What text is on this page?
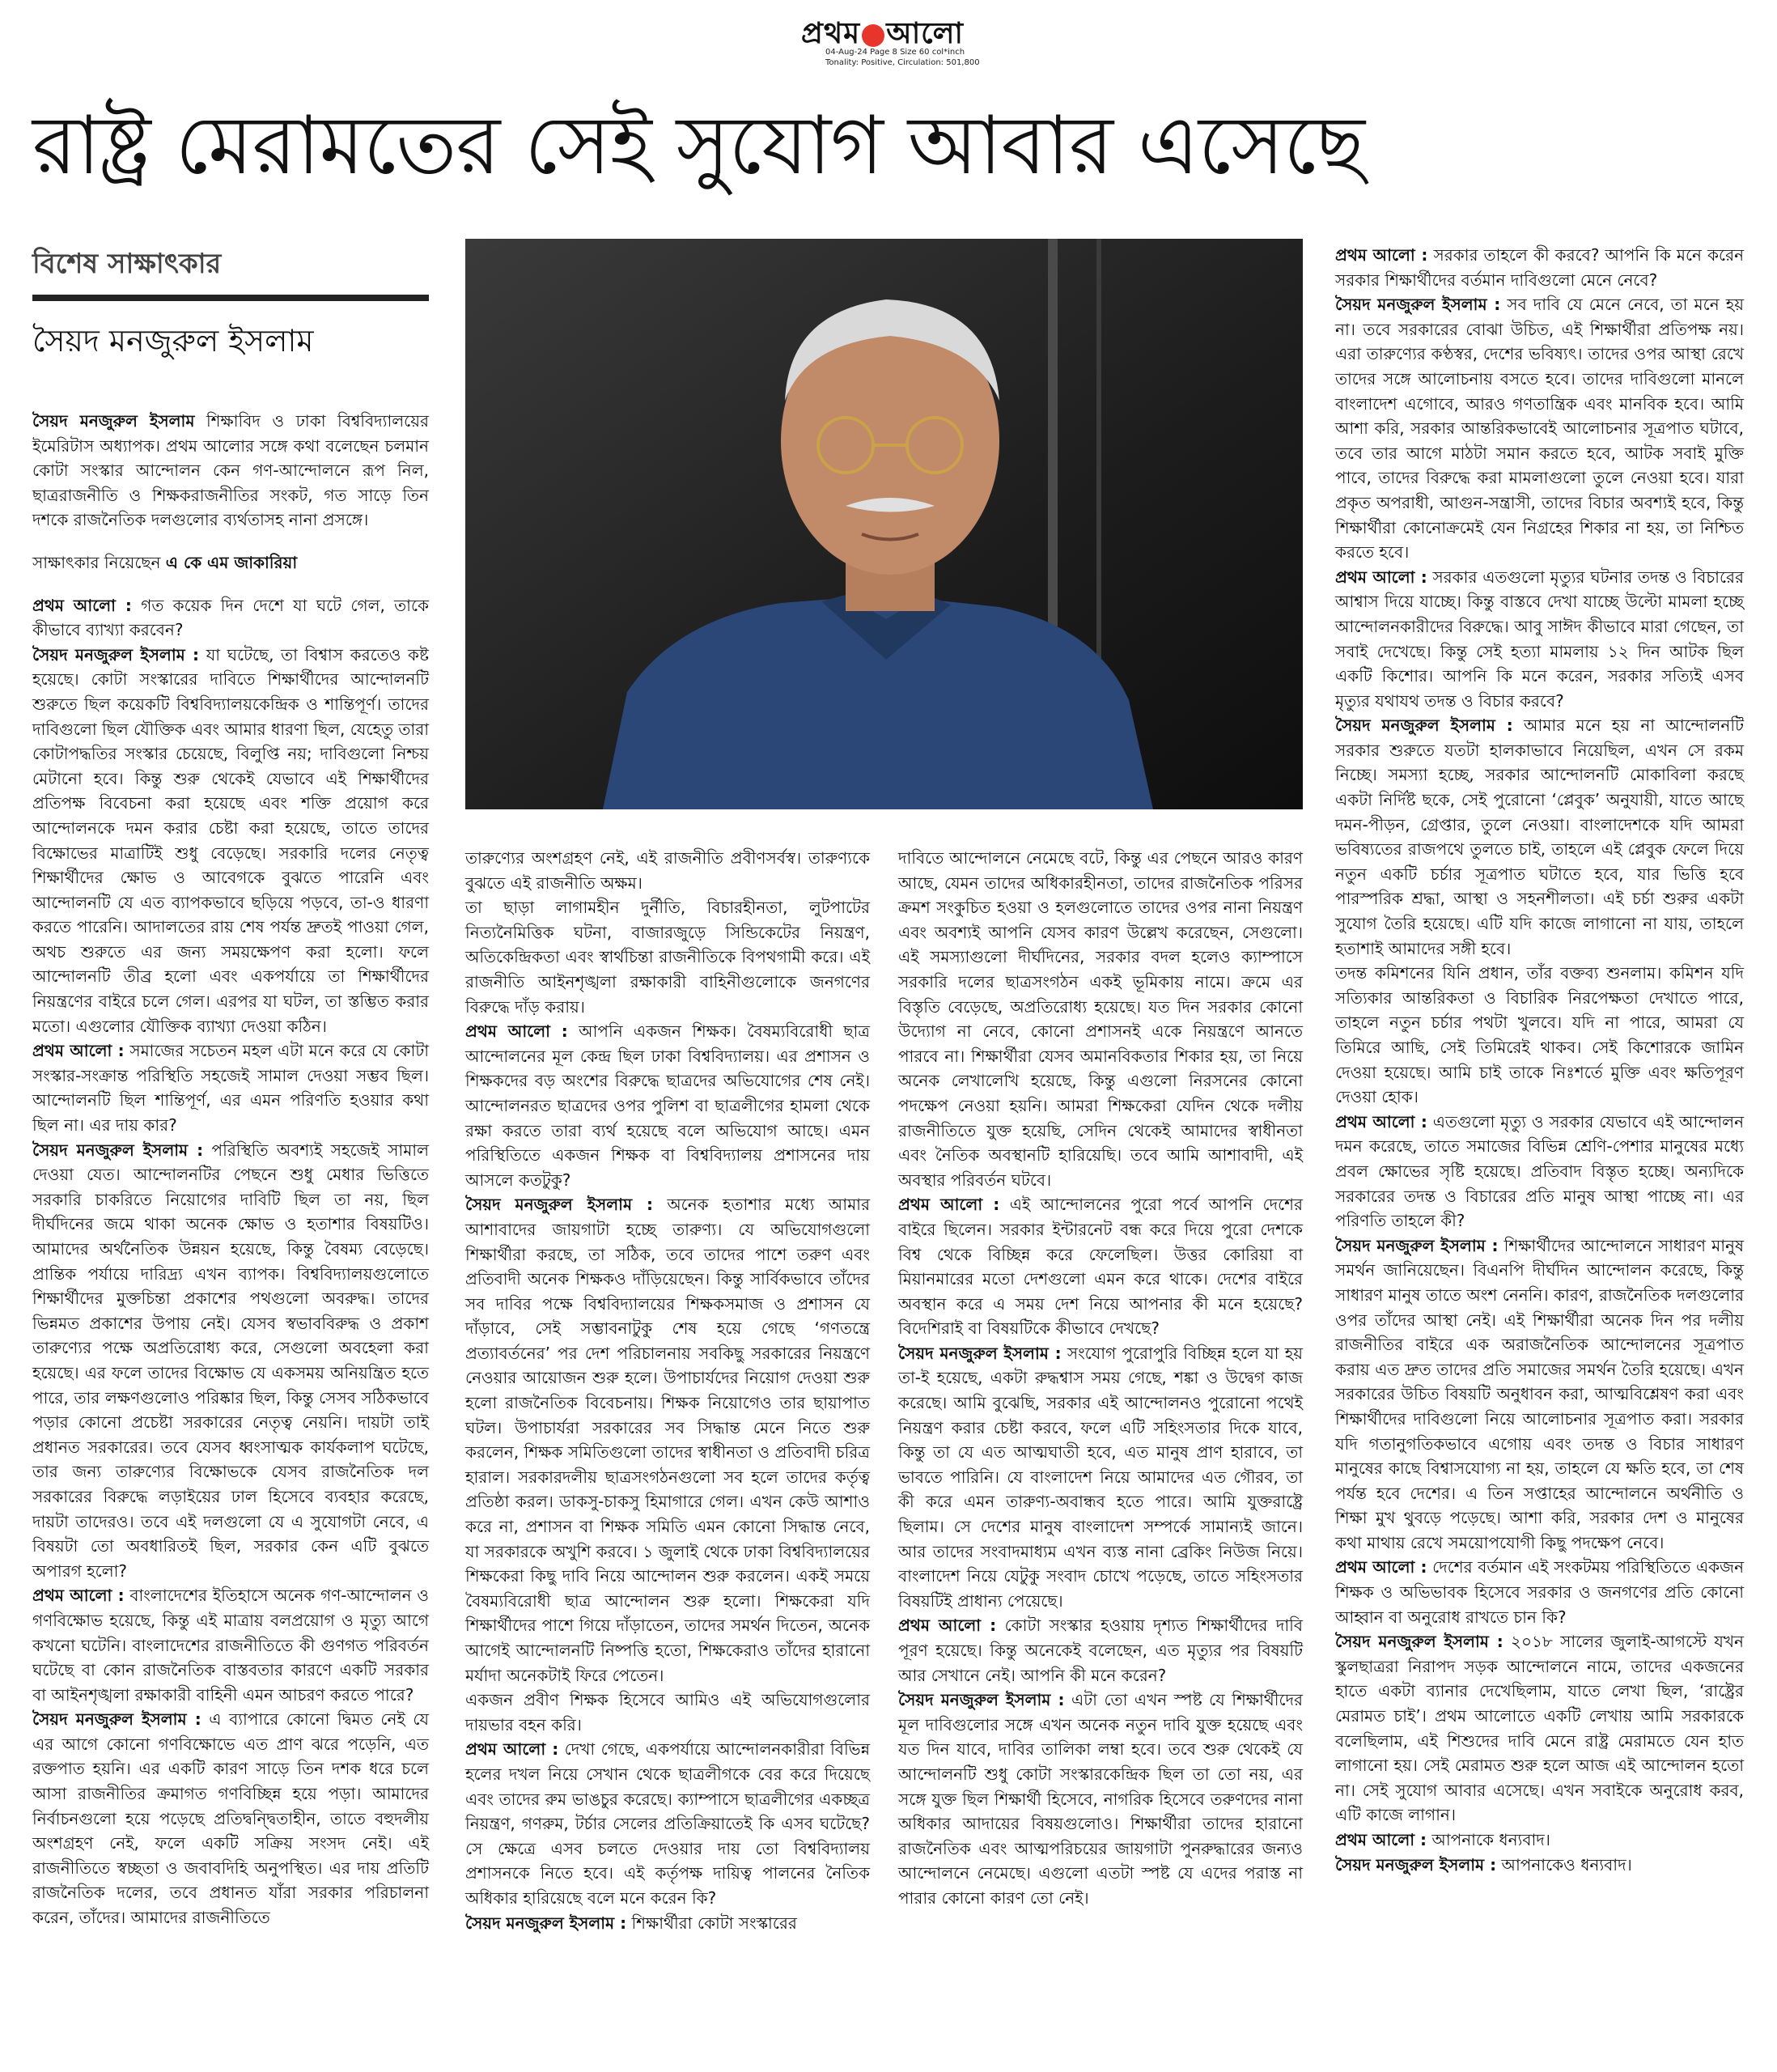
প্রথম আলো
04-Aug-24 Page 8 Size 60 col*inch
Tonality: Positive, Circulation: 501,800
রাষ্ট্র মেরামতের সেই সুযোগ আবার এসেছে
বিশেষ সাক্ষাৎকার
সৈয়দ মনজুরুল ইসলাম

সৈয়দ মনজুরুল ইসলাম শিক্ষাবিদ ও ঢাকা বিশ্ববিদ্যালয়ের ইমেরিটাস অধ্যাপক। প্রথম আলোর সঙ্গে কথা বলেছেন চলমান কোটা সংস্কার আন্দোলন কেন গণ-আন্দোলনে রূপ নিল, ছাত্ররাজনীতি ও শিক্ষকরাজনীতির সংকট, গত সাড়ে তিন দশকে রাজনৈতিক দলগুলোর ব্যর্থতাসহ নানা প্রসঙ্গে।

সাক্ষাৎকার নিয়েছেন এ কে এম জাকারিয়া

প্রথম আলো : গত কয়েক দিন দেশে যা ঘটে গেল, তাকে কীভাবে ব্যাখ্যা করবেন?

সৈয়দ মনজুরুল ইসলাম : যা ঘটেছে, তা বিশ্বাস করতেও কষ্ট হয়েছে। কোটা সংস্কারের দাবিতে শিক্ষার্থীদের আন্দোলনটি শুরুতে ছিল কয়েকটি বিশ্ববিদ্যালয়কেন্দ্রিক ও শান্তিপূর্ণ। তাদের দাবিগুলো ছিল যৌক্তিক এবং আমার ধারণা ছিল, যেহেতু তারা কোটাপদ্ধতির সংস্কার চেয়েছে, বিলুপ্তি নয়; দাবিগুলো নিশ্চয় মেটানো হবে। কিন্তু শুরু থেকেই যেভাবে এই শিক্ষার্থীদের প্রতিপক্ষ বিবেচনা করা হয়েছে এবং শক্তি প্রয়োগ করে আন্দোলনকে দমন করার চেষ্টা করা হয়েছে, তাতে তাদের বিক্ষোভের মাত্রাটিই শুধু বেড়েছে। সরকারি দলের নেতৃত্ব শিক্ষার্থীদের ক্ষোভ ও আবেগকে বুঝতে পারেনি এবং আন্দোলনটি যে এত ব্যাপকভাবে ছড়িয়ে পড়বে, তা-ও ধারণা করতে পারেনি। আদালতের রায় শেষ পর্যন্ত দ্রুতই পাওয়া গেল, অথচ শুরুতে এর জন্য সময়ক্ষেপণ করা হলো। ফলে আন্দোলনটি তীব্র হলো এবং একপর্যায়ে তা শিক্ষার্থীদের নিয়ন্ত্রণের বাইরে চলে গেল। এরপর যা ঘটল, তা স্তম্ভিত করার মতো। এগুলোর যৌক্তিক ব্যাখ্যা দেওয়া কঠিন।

প্রথম আলো : সমাজের সচেতন মহল এটা মনে করে যে কোটা সংস্কার-সংক্রান্ত পরিস্থিতি সহজেই সামাল দেওয়া সম্ভব ছিল। আন্দোলনটি ছিল শান্তিপূর্ণ, এর এমন পরিণতি হওয়ার কথা ছিল না। এর দায় কার?

সৈয়দ মনজুরুল ইসলাম : পরিস্থিতি অবশ্যই সহজেই সামাল দেওয়া যেত। আন্দোলনটির পেছনে শুধু মেধার ভিত্তিতে সরকারি চাকরিতে নিয়োগের দাবিটি ছিল তা নয়, ছিল দীর্ঘদিনের জমে থাকা অনেক ক্ষোভ ও হতাশার বিষয়টিও। আমাদের অর্থনৈতিক উন্নয়ন হয়েছে, কিন্তু বৈষম্য বেড়েছে। প্রান্তিক পর্যায়ে দারিদ্র্য এখন ব্যাপক। বিশ্ববিদ্যালয়গুলোতে শিক্ষার্থীদের মুক্তচিন্তা প্রকাশের পথগুলো অবরুদ্ধ। তাদের ভিন্নমত প্রকাশের উপায় নেই। যেসব স্বভাববিরুদ্ধ ও প্রকাশ তারুণ্যের পক্ষে অপ্রতিরোধ্য করে, সেগুলো অবহেলা করা হয়েছে। এর ফলে তাদের বিক্ষোভ যে একসময় অনিয়ন্ত্রিত হতে পারে, তার লক্ষণগুলোও পরিষ্কার ছিল, কিন্তু সেসব সঠিকভাবে পড়ার কোনো প্রচেষ্টা সরকারের নেতৃত্ব নেয়নি। দায়টা তাই প্রধানত সরকারের। তবে যেসব ধ্বংসাত্মক কার্যকলাপ ঘটেছে, তার জন্য তারুণ্যের বিক্ষোভকে যেসব রাজনৈতিক দল সরকারের বিরুদ্ধে লড়াইয়ের ঢাল হিসেবে ব্যবহার করেছে, দায়টা তাদেরও। তবে এই দলগুলো যে এ সুযোগটা নেবে, এ বিষয়টা তো অবধারিতই ছিল, সরকার কেন এটি বুঝতে অপারগ হলো?

প্রথম আলো : বাংলাদেশের ইতিহাসে অনেক গণ-আন্দোলন ও গণবিক্ষোভ হয়েছে, কিন্তু এই মাত্রায় বলপ্রয়োগ ও মৃত্যু আগে কখনো ঘটেনি। বাংলাদেশের রাজনীতিতে কী গুণগত পরিবর্তন ঘটেছে বা কোন রাজনৈতিক বাস্তবতার কারণে একটি সরকার বা আইনশৃঙ্খলা রক্ষাকারী বাহিনী এমন আচরণ করতে পারে?

সৈয়দ মনজুরুল ইসলাম : এ ব্যাপারে কোনো দ্বিমত নেই যে এর আগে কোনো গণবিক্ষোভে এত প্রাণ ঝরে পড়েনি, এত রক্তপাত হয়নি। এর একটি কারণ সাড়ে তিন দশক ধরে চলে আসা রাজনীতির ক্রমাগত গণবিচ্ছিন্ন হয়ে পড়া। আমাদের নির্বাচনগুলো হয়ে পড়েছে প্রতিদ্বন্দ্বিতাহীন, তাতে বহুদলীয় অংশগ্রহণ নেই, ফলে একটি সক্রিয় সংসদ নেই। এই রাজনীতিতে স্বচ্ছতা ও জবাবদিহি অনুপস্থিত। এর দায় প্রতিটি রাজনৈতিক দলের, তবে প্রধানত যাঁরা সরকার পরিচালনা করেন, তাঁদের। আমাদের রাজনীতিতে

তারুণ্যের অংশগ্রহণ নেই, এই রাজনীতি প্রবীণসর্বস্ব। তারুণ্যকে বুঝতে এই রাজনীতি অক্ষম।

তা ছাড়া লাগামহীন দুর্নীতি, বিচারহীনতা, লুটপাটের নিত্যনৈমিত্তিক ঘটনা, বাজারজুড়ে সিন্ডিকেটের নিয়ন্ত্রণ, অতিকেন্দ্রিকতা এবং স্বার্থচিন্তা রাজনীতিকে বিপথগামী করে। এই রাজনীতি আইনশৃঙ্খলা রক্ষাকারী বাহিনীগুলোকে জনগণের বিরুদ্ধে দাঁড় করায়।

প্রথম আলো : আপনি একজন শিক্ষক। বৈষম্যবিরোধী ছাত্র আন্দোলনের মূল কেন্দ্র ছিল ঢাকা বিশ্ববিদ্যালয়। এর প্রশাসন ও শিক্ষকদের বড় অংশের বিরুদ্ধে ছাত্রদের অভিযোগের শেষ নেই। আন্দোলনরত ছাত্রদের ওপর পুলিশ বা ছাত্রলীগের হামলা থেকে রক্ষা করতে তারা ব্যর্থ হয়েছে বলে অভিযোগ আছে। এমন পরিস্থিতিতে একজন শিক্ষক বা বিশ্ববিদ্যালয় প্রশাসনের দায় আসলে কতটুকু?

সৈয়দ মনজুরুল ইসলাম : অনেক হতাশার মধ্যে আমার আশাবাদের জায়গাটা হচ্ছে তারুণ্য। যে অভিযোগগুলো শিক্ষার্থীরা করছে, তা সঠিক, তবে তাদের পাশে তরুণ এবং প্রতিবাদী অনেক শিক্ষকও দাঁড়িয়েছেন। কিন্তু সার্বিকভাবে তাঁদের সব দাবির পক্ষে বিশ্ববিদ্যালয়ের শিক্ষকসমাজ ও প্রশাসন যে দাঁড়াবে, সেই সম্ভাবনাটুকু শেষ হয়ে গেছে ‘গণতন্ত্রে প্রত্যাবর্তনের’ পর দেশ পরিচালনায় সবকিছু সরকারের নিয়ন্ত্রণে নেওয়ার আয়োজন শুরু হলে। উপাচার্যদের নিয়োগ দেওয়া শুরু হলো রাজনৈতিক বিবেচনায়। শিক্ষক নিয়োগেও তার ছায়াপাত ঘটল। উপাচার্যরা সরকারের সব সিদ্ধান্ত মেনে নিতে শুরু করলেন, শিক্ষক সমিতিগুলো তাদের স্বাধীনতা ও প্রতিবাদী চরিত্র হারাল। সরকারদলীয় ছাত্রসংগঠনগুলো সব হলে তাদের কর্তৃত্ব প্রতিষ্ঠা করল। ডাকসু-চাকসু হিমাগারে গেল। এখন কেউ আশাও করে না, প্রশাসন বা শিক্ষক সমিতি এমন কোনো সিদ্ধান্ত নেবে, যা সরকারকে অখুশি করবে। ১ জুলাই থেকে ঢাকা বিশ্ববিদ্যালয়ের শিক্ষকেরা কিছু দাবি নিয়ে আন্দোলন শুরু করলেন। একই সময়ে বৈষম্যবিরোধী ছাত্র আন্দোলন শুরু হলো। শিক্ষকেরা যদি শিক্ষার্থীদের পাশে গিয়ে দাঁড়াতেন, তাদের সমর্থন দিতেন, অনেক আগেই আন্দোলনটি নিষ্পত্তি হতো, শিক্ষকেরাও তাঁদের হারানো মর্যাদা অনেকটাই ফিরে পেতেন।

একজন প্রবীণ শিক্ষক হিসেবে আমিও এই অভিযোগগুলোর দায়ভার বহন করি।

প্রথম আলো : দেখা গেছে, একপর্যায়ে আন্দোলনকারীরা বিভিন্ন হলের দখল নিয়ে সেখান থেকে ছাত্রলীগকে বের করে দিয়েছে এবং তাদের রুম ভাঙচুর করেছে। ক্যাম্পাসে ছাত্রলীগের একচ্ছত্র নিয়ন্ত্রণ, গণরুম, টর্চার সেলের প্রতিক্রিয়াতেই কি এসব ঘটেছে? সে ক্ষেত্রে এসব চলতে দেওয়ার দায় তো বিশ্ববিদ্যালয় প্রশাসনকে নিতে হবে। এই কর্তৃপক্ষ দায়িত্ব পালনের নৈতিক অধিকার হারিয়েছে বলে মনে করেন কি?

সৈয়দ মনজুরুল ইসলাম : শিক্ষার্থীরা কোটা সংস্কারের

দাবিতে আন্দোলনে নেমেছে বটে, কিন্তু এর পেছনে আরও কারণ আছে, যেমন তাদের অধিকারহীনতা, তাদের রাজনৈতিক পরিসর ক্রমশ সংকুচিত হওয়া ও হলগুলোতে তাদের ওপর নানা নিয়ন্ত্রণ এবং অবশ্যই আপনি যেসব কারণ উল্লেখ করেছেন, সেগুলো। এই সমস্যাগুলো দীর্ঘদিনের, সরকার বদল হলেও ক্যাম্পাসে সরকারি দলের ছাত্রসংগঠন একই ভূমিকায় নামে। ক্রমে এর বিস্তৃতি বেড়েছে, অপ্রতিরোধ্য হয়েছে। যত দিন সরকার কোনো উদ্যোগ না নেবে, কোনো প্রশাসনই একে নিয়ন্ত্রণে আনতে পারবে না। শিক্ষার্থীরা যেসব অমানবিকতার শিকার হয়, তা নিয়ে অনেক লেখালেখি হয়েছে, কিন্তু এগুলো নিরসনের কোনো পদক্ষেপ নেওয়া হয়নি। আমরা শিক্ষকেরা যেদিন থেকে দলীয় রাজনীতিতে যুক্ত হয়েছি, সেদিন থেকেই আমাদের স্বাধীনতা এবং নৈতিক অবস্থানটি হারিয়েছি। তবে আমি আশাবাদী, এই অবস্থার পরিবর্তন ঘটবে।

প্রথম আলো : এই আন্দোলনের পুরো পর্বে আপনি দেশের বাইরে ছিলেন। সরকার ইন্টারনেট বন্ধ করে দিয়ে পুরো দেশকে বিশ্ব থেকে বিচ্ছিন্ন করে ফেলেছিল। উত্তর কোরিয়া বা মিয়ানমারের মতো দেশগুলো এমন করে থাকে। দেশের বাইরে অবস্থান করে এ সময় দেশ নিয়ে আপনার কী মনে হয়েছে? বিদেশিরাই বা বিষয়টিকে কীভাবে দেখছে?

সৈয়দ মনজুরুল ইসলাম : সংযোগ পুরোপুরি বিচ্ছিন্ন হলে যা হয় তা-ই হয়েছে, একটা রুদ্ধশ্বাস সময় গেছে, শঙ্কা ও উদ্বেগ কাজ করেছে। আমি বুঝেছি, সরকার এই আন্দোলনও পুরোনো পথেই নিয়ন্ত্রণ করার চেষ্টা করবে, ফলে এটি সহিংসতার দিকে যাবে, কিন্তু তা যে এত আত্মঘাতী হবে, এত মানুষ প্রাণ হারাবে, তা ভাবতে পারিনি। যে বাংলাদেশ নিয়ে আমাদের এত গৌরব, তা কী করে এমন তারুণ্য-অবান্ধব হতে পারে। আমি যুক্তরাষ্ট্রে ছিলাম। সে দেশের মানুষ বাংলাদেশ সম্পর্কে সামান্যই জানে। আর তাদের সংবাদমাধ্যম এখন ব্যস্ত নানা ব্রেকিং নিউজ নিয়ে। বাংলাদেশ নিয়ে যেটুকু সংবাদ চোখে পড়েছে, তাতে সহিংসতার বিষয়টিই প্রাধান্য পেয়েছে।

প্রথম আলো : কোটা সংস্কার হওয়ায় দৃশ্যত শিক্ষার্থীদের দাবি পূরণ হয়েছে। কিন্তু অনেকেই বলেছেন, এত মৃত্যুর পর বিষয়টি আর সেখানে নেই। আপনি কী মনে করেন?

সৈয়দ মনজুরুল ইসলাম : এটা তো এখন স্পষ্ট যে শিক্ষার্থীদের মূল দাবিগুলোর সঙ্গে এখন অনেক নতুন দাবি যুক্ত হয়েছে এবং যত দিন যাবে, দাবির তালিকা লম্বা হবে। তবে শুরু থেকেই যে আন্দোলনটি শুধু কোটা সংস্কারকেন্দ্রিক ছিল তা তো নয়, এর সঙ্গে যুক্ত ছিল শিক্ষার্থী হিসেবে, নাগরিক হিসেবে তরুণদের নানা অধিকার আদায়ের বিষয়গুলোও। শিক্ষার্থীরা তাদের হারানো রাজনৈতিক এবং আত্মপরিচয়ের জায়গাটা পুনরুদ্ধারের জন্যও আন্দোলনে নেমেছে। এগুলো এতটা স্পষ্ট যে এদের পরাস্ত না পারার কোনো কারণ তো নেই।

প্রথম আলো : সরকার তাহলে কী করবে? আপনি কি মনে করেন সরকার শিক্ষার্থীদের বর্তমান দাবিগুলো মেনে নেবে?

সৈয়দ মনজুরুল ইসলাম : সব দাবি যে মেনে নেবে, তা মনে হয় না। তবে সরকারের বোঝা উচিত, এই শিক্ষার্থীরা প্রতিপক্ষ নয়। এরা তারুণ্যের কণ্ঠস্বর, দেশের ভবিষ্যৎ। তাদের ওপর আস্থা রেখে তাদের সঙ্গে আলোচনায় বসতে হবে। তাদের দাবিগুলো মানলে বাংলাদেশ এগোবে, আরও গণতান্ত্রিক এবং মানবিক হবে। আমি আশা করি, সরকার আন্তরিকভাবেই আলোচনার সূত্রপাত ঘটাবে, তবে তার আগে মাঠটা সমান করতে হবে, আটক সবাই মুক্তি পাবে, তাদের বিরুদ্ধে করা মামলাগুলো তুলে নেওয়া হবে। যারা প্রকৃত অপরাধী, আগুন-সন্ত্রাসী, তাদের বিচার অবশ্যই হবে, কিন্তু শিক্ষার্থীরা কোনোক্রমেই যেন নিগ্রহের শিকার না হয়, তা নিশ্চিত করতে হবে।

প্রথম আলো : সরকার এতগুলো মৃত্যুর ঘটনার তদন্ত ও বিচারের আশ্বাস দিয়ে যাচ্ছে। কিন্তু বাস্তবে দেখা যাচ্ছে উল্টো মামলা হচ্ছে আন্দোলনকারীদের বিরুদ্ধে। আবু সাঈদ কীভাবে মারা গেছেন, তা সবাই দেখেছে। কিন্তু সেই হত্যা মামলায় ১২ দিন আটক ছিল একটি কিশোর। আপনি কি মনে করেন, সরকার সত্যিই এসব মৃত্যুর যথাযথ তদন্ত ও বিচার করবে?

সৈয়দ মনজুরুল ইসলাম : আমার মনে হয় না আন্দোলনটি সরকার শুরুতে যতটা হালকাভাবে নিয়েছিল, এখন সে রকম নিচ্ছে। সমস্যা হচ্ছে, সরকার আন্দোলনটি মোকাবিলা করছে একটা নির্দিষ্ট ছকে, সেই পুরোনো ‘প্লেবুক’ অনুযায়ী, যাতে আছে দমন-পীড়ন, গ্রেপ্তার, তুলে নেওয়া। বাংলাদেশকে যদি আমরা ভবিষ্যতের রাজপথে তুলতে চাই, তাহলে এই প্লেবুক ফেলে দিয়ে নতুন একটি চর্চার সূত্রপাত ঘটাতে হবে, যার ভিত্তি হবে পারস্পরিক শ্রদ্ধা, আস্থা ও সহনশীলতা। এই চর্চা শুরুর একটা সুযোগ তৈরি হয়েছে। এটি যদি কাজে লাগানো না যায়, তাহলে হতাশাই আমাদের সঙ্গী হবে।

তদন্ত কমিশনের যিনি প্রধান, তাঁর বক্তব্য শুনলাম। কমিশন যদি সত্যিকার আন্তরিকতা ও বিচারিক নিরপেক্ষতা দেখাতে পারে, তাহলে নতুন চর্চার পথটা খুলবে। যদি না পারে, আমরা যে তিমিরে আছি, সেই তিমিরেই থাকব। সেই কিশোরকে জামিন দেওয়া হয়েছে। আমি চাই তাকে নিঃশর্তে মুক্তি এবং ক্ষতিপূরণ দেওয়া হোক।

প্রথম আলো : এতগুলো মৃত্যু ও সরকার যেভাবে এই আন্দোলন দমন করেছে, তাতে সমাজের বিভিন্ন শ্রেণি-পেশার মানুষের মধ্যে প্রবল ক্ষোভের সৃষ্টি হয়েছে। প্রতিবাদ বিস্তৃত হচ্ছে। অন্যদিকে সরকারের তদন্ত ও বিচারের প্রতি মানুষ আস্থা পাচ্ছে না। এর পরিণতি তাহলে কী?

সৈয়দ মনজুরুল ইসলাম : শিক্ষার্থীদের আন্দোলনে সাধারণ মানুষ সমর্থন জানিয়েছেন। বিএনপি দীর্ঘদিন আন্দোলন করেছে, কিন্তু সাধারণ মানুষ তাতে অংশ নেননি। কারণ, রাজনৈতিক দলগুলোর ওপর তাঁদের আস্থা নেই। এই শিক্ষার্থীরা অনেক দিন পর দলীয় রাজনীতির বাইরে এক অরাজনৈতিক আন্দোলনের সূত্রপাত করায় এত দ্রুত তাদের প্রতি সমাজের সমর্থন তৈরি হয়েছে। এখন সরকারের উচিত বিষয়টি অনুধাবন করা, আত্মবিশ্লেষণ করা এবং শিক্ষার্থীদের দাবিগুলো নিয়ে আলোচনার সূত্রপাত করা। সরকার যদি গতানুগতিকভাবে এগোয় এবং তদন্ত ও বিচার সাধারণ মানুষের কাছে বিশ্বাসযোগ্য না হয়, তাহলে যে ক্ষতি হবে, তা শেষ পর্যন্ত হবে দেশের। এ তিন সপ্তাহের আন্দোলনে অর্থনীতি ও শিক্ষা মুখ থুবড়ে পড়েছে। আশা করি, সরকার দেশ ও মানুষের কথা মাথায় রেখে সময়োপযোগী কিছু পদক্ষেপ নেবে।

প্রথম আলো : দেশের বর্তমান এই সংকটময় পরিস্থিতিতে একজন শিক্ষক ও অভিভাবক হিসেবে সরকার ও জনগণের প্রতি কোনো আহ্বান বা অনুরোধ রাখতে চান কি?

সৈয়দ মনজুরুল ইসলাম : ২০১৮ সালের জুলাই-আগস্টে যখন স্কুলছাত্ররা নিরাপদ সড়ক আন্দোলনে নামে, তাদের একজনের হাতে একটা ব্যানার দেখেছিলাম, যাতে লেখা ছিল, ‘রাষ্ট্রের মেরামত চাই’। প্রথম আলোতে একটি লেখায় আমি সরকারকে বলেছিলাম, এই শিশুদের দাবি মেনে রাষ্ট্র মেরামতে যেন হাত লাগানো হয়। সেই মেরামত শুরু হলে আজ এই আন্দোলন হতো না। সেই সুযোগ আবার এসেছে। এখন সবাইকে অনুরোধ করব, এটি কাজে লাগান।

প্রথম আলো : আপনাকে ধন্যবাদ।

সৈয়দ মনজুরুল ইসলাম : আপনাকেও ধন্যবাদ।
